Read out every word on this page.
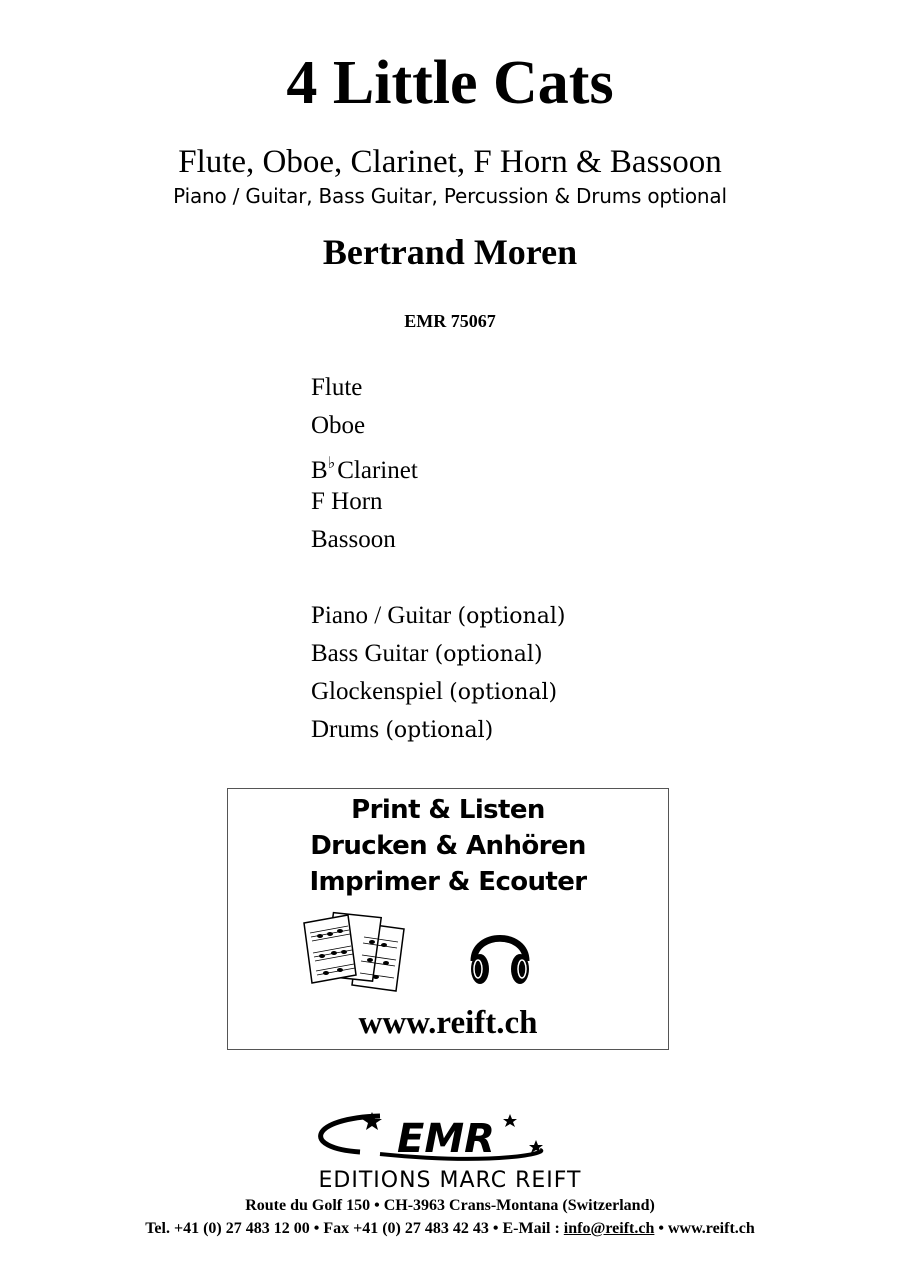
4 Little Cats
Flute, Oboe, Clarinet, F Horn & Bassoon
Piano / Guitar, Bass Guitar, Percussion & Drums optional
Bertrand Moren
EMR 75067
Flute
Oboe
B♭Clarinet
F Horn
Bassoon
Piano / Guitar (optional)
Bass Guitar (optional)
Glockenspiel (optional)
Drums (optional)
Print & Listen
Drucken & Anhören
Imprimer & Ecouter
www.reift.ch
EMR
EDITIONS MARC REIFT
Route du Golf 150 • CH-3963 Crans-Montana (Switzerland)
Tel. +41 (0) 27 483 12 00 • Fax +41 (0) 27 483 42 43 • E-Mail : info@reift.ch • www.reift.ch
